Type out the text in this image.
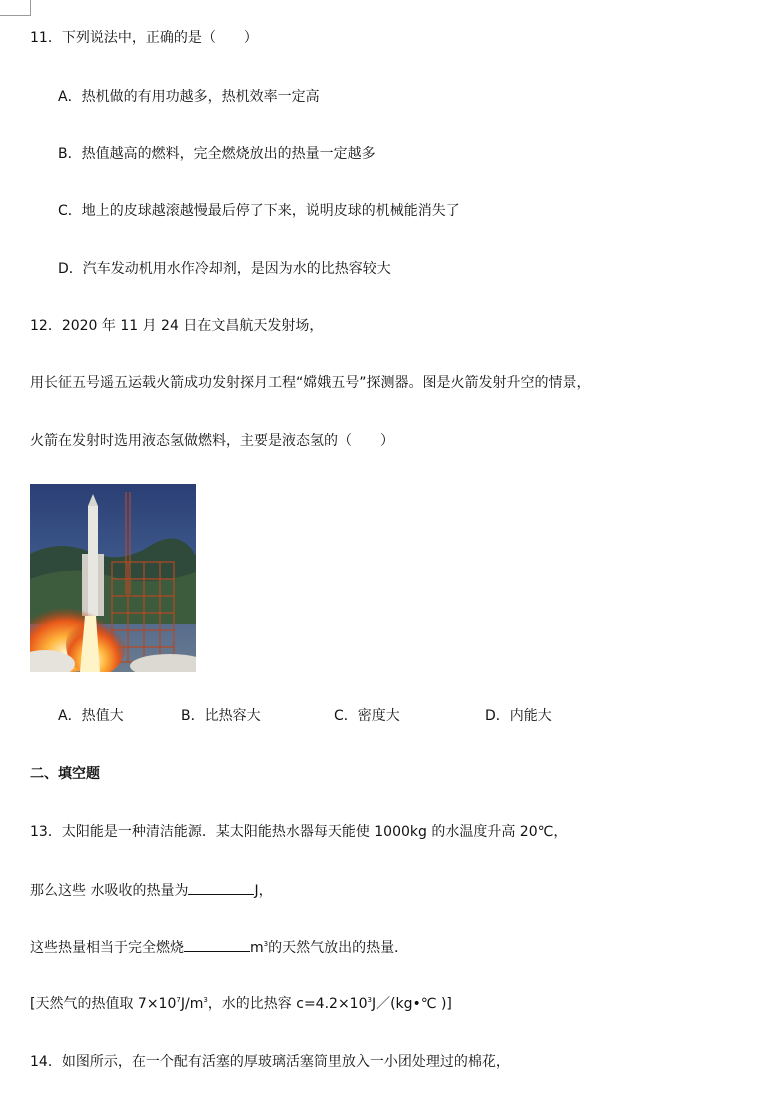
11．下列说法中，正确的是（　　）
A．热机做的有用功越多，热机效率一定高
B．热值越高的燃料，完全燃烧放出的热量一定越多
C．地上的皮球越滚越慢最后停了下来，说明皮球的机械能消失了
D．汽车发动机用水作冷却剂，是因为水的比热容较大
12．2020 年 11 月 24 日在文昌航天发射场，
用长征五号遥五运载火箭成功发射探月工程“嫦娥五号”探测器。图是火箭发射升空的情景，
火箭在发射时选用液态氢做燃料，主要是液态氢的（　　）
A．热值大	B．比热容大	C．密度大	D．内能大
二、填空题
13．太阳能是一种清洁能源．某太阳能热水器每天能使 1000kg 的水温度升高 20℃，
那么这些 水吸收的热量为	J，
这些热量相当于完全燃烧	$m^3$的天然气放出的热量．
[天然气的热值取 $7\times 10^7J/m^3$，水的比热容 $c=4.2\times 10^3J/(kg•℃$ )]
14．如图所示，在一个配有活塞的厚玻璃活塞筒里放入一小团处理过的棉花，
